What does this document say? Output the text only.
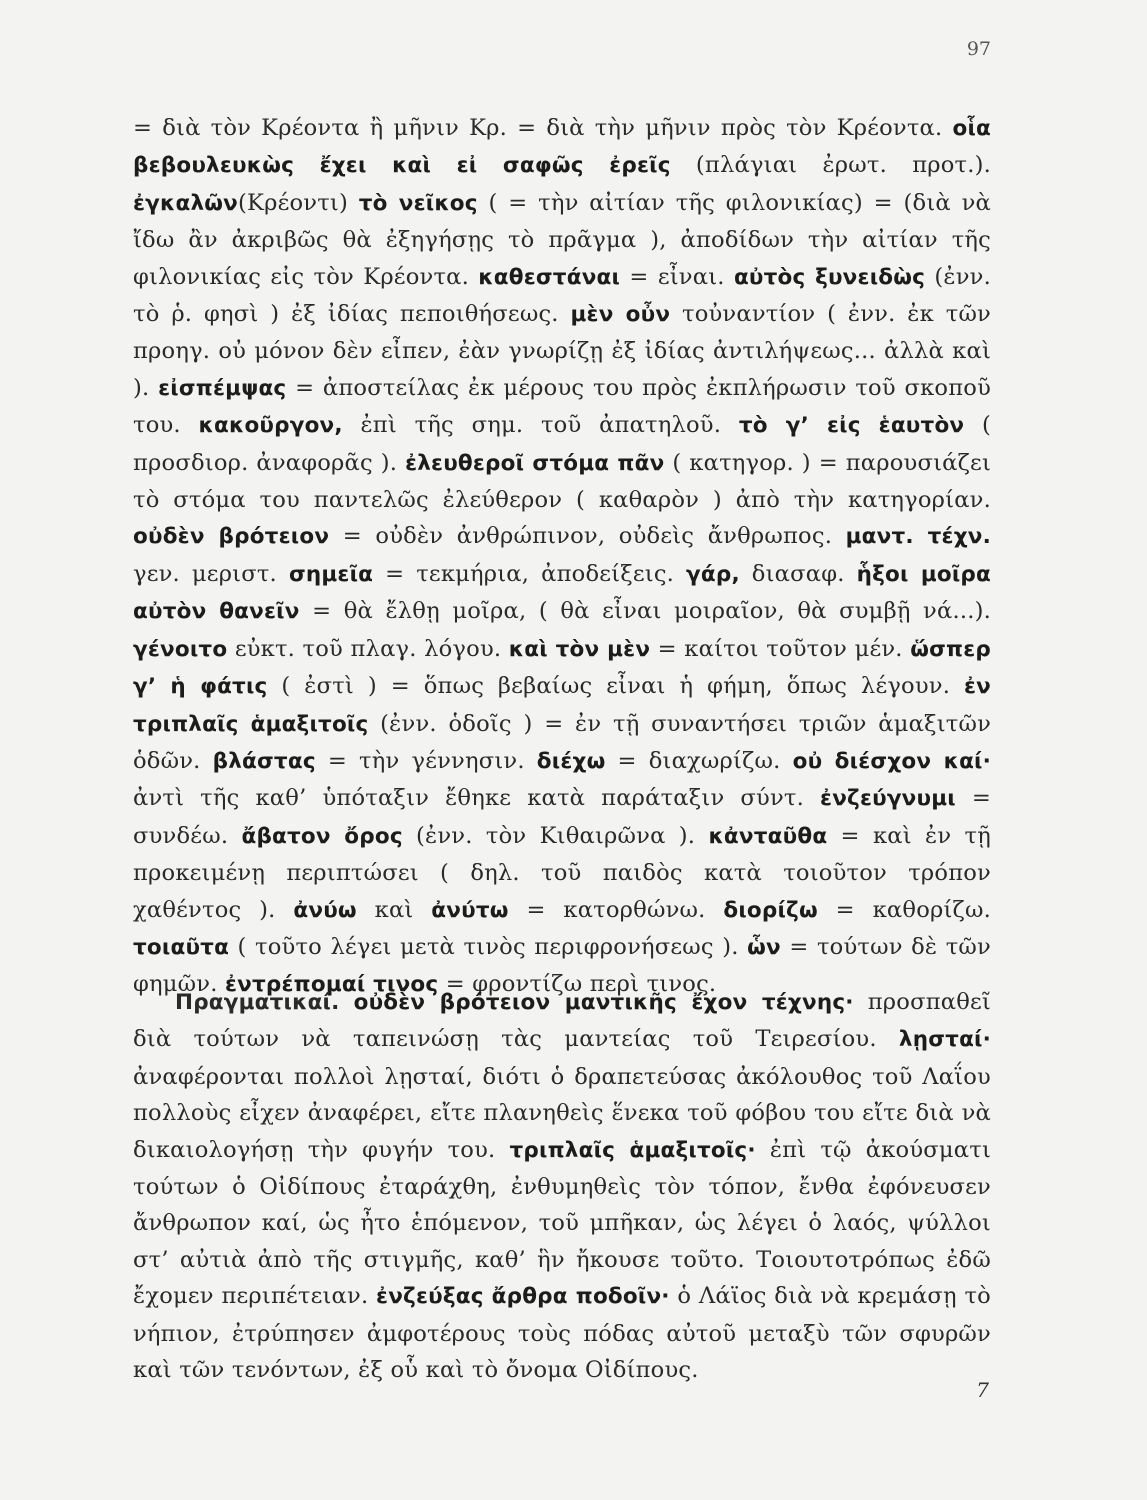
97

= διὰ τὸν Κρέοντα ἢ μῆνιν Κρ. = διὰ τὴν μῆνιν πρὸς τὸν Κρέοντα. οἷα βεβουλευκὼς ἔχει καὶ εἰ σαφῶς ἐρεῖς (πλάγιαι ἐρωτ. προτ.). ἐγκαλῶν(Κρέοντι) τὸ νεῖκος ( = τὴν αἰτίαν τῆς φιλονικίας) = (διὰ νὰ ἴδω ἂν ἀκριβῶς θὰ ἐξηγήσῃς τὸ πρᾶγμα ), ἀποδίδων τὴν αἰτίαν τῆς φιλονικίας εἰς τὸν Κρέοντα. καθεστάναι = εἶναι. αὐτὸς ξυνειδὼς (ἐνν. τὸ ῥ. φησὶ ) ἐξ ἰδίας πεποιθήσεως. μὲν οὖν τοὐναντίον ( ἐνν. ἐκ τῶν προηγ. οὐ μόνον δὲν εἶπεν, ἐὰν γνωρίζῃ ἐξ ἰδίας ἀντιλήψεως... ἀλλὰ καὶ ). εἰσπέμψας = ἀποστείλας ἐκ μέρους του πρὸς ἐκπλήρωσιν τοῦ σκοποῦ του. κακοῦργον, ἐπὶ τῆς σημ. τοῦ ἀπατηλοῦ. τὸ γ’ εἰς ἑαυτὸν ( προσδιορ. ἀναφορᾶς ). ἐλευθεροῖ στόμα πᾶν ( κατηγορ. ) = παρουσιάζει τὸ στόμα του παντελῶς ἐλεύθερον ( καθαρὸν ) ἀπὸ τὴν κατηγορίαν. οὐδὲν βρότειον = οὐδὲν ἀνθρώπινον, οὐδεὶς ἄνθρωπος. μαντ. τέχν. γεν. μεριστ. σημεῖα = τεκμήρια, ἀποδείξεις. γάρ, διασαφ. ἧξοι μοῖρα αὐτὸν θανεῖν = θὰ ἔλθῃ μοῖρα, ( θὰ εἶναι μοιραῖον, θὰ συμβῇ νά...). γένοιτο εὐκτ. τοῦ πλαγ. λόγου. καὶ τὸν μὲν = καίτοι τοῦτον μέν. ὥσπερ γ’ ἡ φάτις ( ἐστὶ ) = ὅπως βεβαίως εἶναι ἡ φήμη, ὅπως λέγουν. ἐν τριπλαῖς ἁμαξιτοῖς (ἐνν. ὁδοῖς ) = ἐν τῇ συναντήσει τριῶν ἁμαξιτῶν ὁδῶν. βλάστας = τὴν γέννησιν. διέχω = διαχωρίζω. οὐ διέσχον καί· ἀντὶ τῆς καθ’ ὑπόταξιν ἔθηκε κατὰ παράταξιν σύντ. ἐνζεύγνυμι = συνδέω. ἄβατον ὄρος (ἐνν. τὸν Κιθαιρῶνα ). κἀνταῦθα = καὶ ἐν τῇ προκειμένῃ περιπτώσει ( δηλ. τοῦ παιδὸς κατὰ τοιοῦτον τρόπον χαθέντος ). ἀνύω καὶ ἀνύτω = κατορθώνω. διορίζω = καθορίζω. τοιαῦτα ( τοῦτο λέγει μετὰ τινὸς περιφρονήσεως ). ὧν = τούτων δὲ τῶν φημῶν. ἐντρέπομαί τινος = φροντίζω περὶ τινος.

Πραγματικαί. οὐδὲν βρότειον μαντικῆς ἔχον τέχνης· προσπαθεῖ διὰ τούτων νὰ ταπεινώσῃ τὰς μαντείας τοῦ Τειρεσίου. λῃσταί· ἀναφέρονται πολλοὶ λῃσταί, διότι ὁ δραπετεύσας ἀκόλουθος τοῦ Λαΐου πολλοὺς εἶχεν ἀναφέρει, εἴτε πλανηθεὶς ἕνεκα τοῦ φόβου του εἴτε διὰ νὰ δικαιολογήσῃ τὴν φυγήν του. τριπλαῖς ἁμαξιτοῖς· ἐπὶ τῷ ἀκούσματι τούτων ὁ Οἰδίπους ἐταράχθη, ἐνθυμηθεὶς τὸν τόπον, ἔνθα ἐφόνευσεν ἄνθρωπον καί, ὡς ἦτο ἑπόμενον, τοῦ μπῆκαν, ὡς λέγει ὁ λαός, ψύλλοι στ’ αὐτιὰ ἀπὸ τῆς στιγμῆς, καθ’ ἣν ἤκουσε τοῦτο. Τοιουτοτρόπως ἐδῶ ἔχομεν περιπέτειαν. ἐνζεύξας ἄρθρα ποδοῖν· ὁ Λάϊος διὰ νὰ κρεμάσῃ τὸ νήπιον, ἐτρύπησεν ἀμφοτέρους τοὺς πόδας αὐτοῦ μεταξὺ τῶν σφυρῶν καὶ τῶν τενόντων, ἐξ οὗ καὶ τὸ ὄνομα Οἰδίπους.

7
